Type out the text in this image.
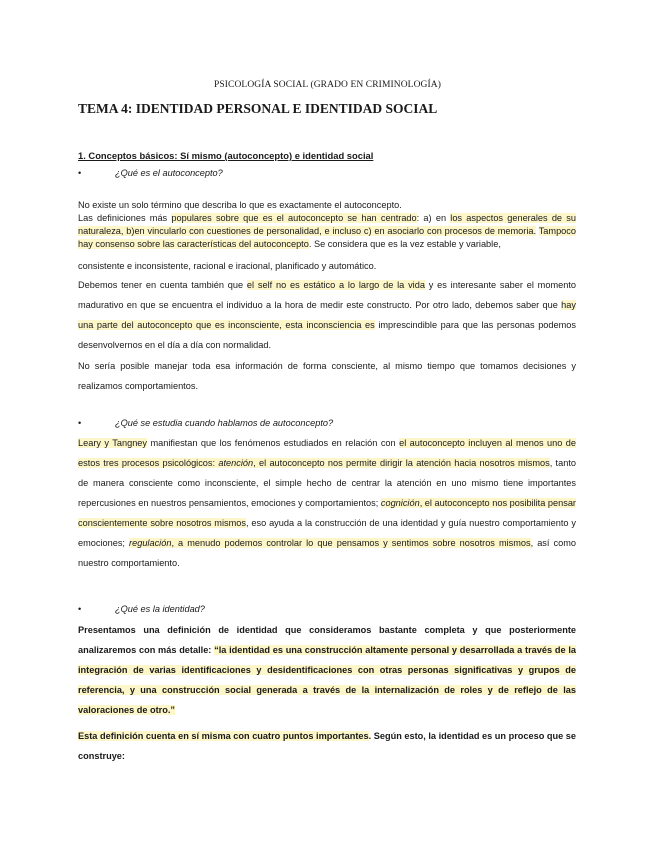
PSICOLOGÍA SOCIAL (GRADO EN CRIMINOLOGÍA)
TEMA 4: IDENTIDAD PERSONAL E IDENTIDAD SOCIAL
1. Conceptos básicos: Sí mismo (autoconcepto) e identidad social
•	¿Qué es el autoconcepto?

No existe un solo término que describa lo que es exactamente el autoconcepto.

Las definiciones más populares sobre que es el autoconcepto se han centrado: a) en los aspectos generales de su naturaleza, b)en vincularlo con cuestiones de personalidad, e incluso c) en asociarlo con procesos de memoria. Tampoco hay consenso sobre las características del autoconcepto. Se considera que es la vez estable y variable,

consistente e inconsistente, racional e iracional, planificado y automático.

Debemos tener en cuenta también que el self no es estático a lo largo de la vida y es interesante saber el momento madurativo en que se encuentra el individuo a la hora de medir este constructo. Por otro lado, debemos saber que hay una parte del autoconcepto que es inconsciente, esta inconsciencia es imprescindible para que las personas podemos desenvolvernos en el día a día con normalidad.

No sería posible manejar toda esa información de forma consciente, al mismo tiempo que tomamos decisiones y realizamos comportamientos.

•	¿Qué se estudia cuando hablamos de autoconcepto?

Leary y Tangney manifiestan que los fenómenos estudiados en relación con el autoconcepto incluyen al menos uno de estos tres procesos psicológicos: atención, el autoconcepto nos permite dirigir la atención hacia nosotros mismos, tanto de manera consciente como inconsciente, el simple hecho de centrar la atención en uno mismo tiene importantes repercusiones en nuestros pensamientos, emociones y comportamientos; cognición, el autoconcepto nos posibilita pensar conscientemente sobre nosotros mismos, eso ayuda a la construcción de una identidad y guía nuestro comportamiento y emociones; regulación, a menudo podemos controlar lo que pensamos y sentimos sobre nosotros mismos, así como nuestro comportamiento.

•	¿Qué es la identidad?

Presentamos una definición de identidad que consideramos bastante completa y que posteriormente analizaremos con más detalle: “la identidad es una construcción altamente personal y desarrollada a través de la integración de varias identificaciones y desidentificaciones con otras personas significativas y grupos de referencia, y una construcción social generada a través de la internalización de roles y de reflejo de las valoraciones de otro.”

Esta definición cuenta en sí misma con cuatro puntos importantes. Según esto, la identidad es un proceso que se construye:
